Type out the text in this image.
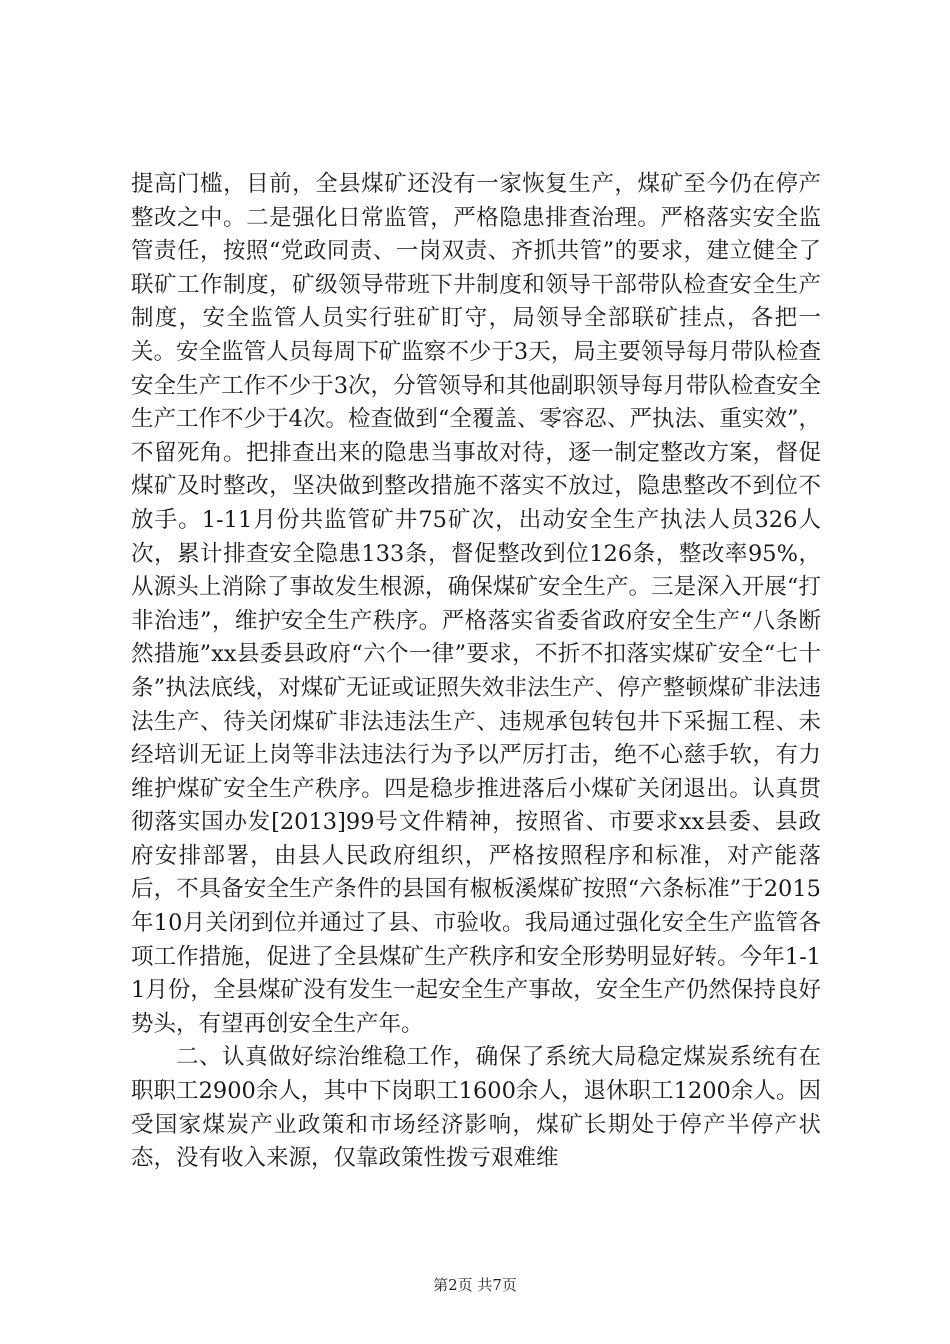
提高门槛，目前，全县煤矿还没有一家恢复生产，煤矿至今仍在停产整改之中。二是强化日常监管，严格隐患排查治理。严格落实安全监管责任，按照“党政同责、一岗双责、齐抓共管”的要求，建立健全了联矿工作制度，矿级领导带班下井制度和领导干部带队检查安全生产制度，安全监管人员实行驻矿盯守，局领导全部联矿挂点，各把一关。安全监管人员每周下矿监察不少于3天，局主要领导每月带队检查安全生产工作不少于3次，分管领导和其他副职领导每月带队检查安全生产工作不少于4次。检查做到“全覆盖、零容忍、严执法、重实效”，不留死角。把排查出来的隐患当事故对待，逐一制定整改方案，督促煤矿及时整改，坚决做到整改措施不落实不放过，隐患整改不到位不放手。1-11月份共监管矿井75矿次，出动安全生产执法人员326人次，累计排查安全隐患133条，督促整改到位126条，整改率95%，从源头上消除了事故发生根源，确保煤矿安全生产。三是深入开展“打非治违”，维护安全生产秩序。严格落实省委省政府安全生产“八条断然措施”xx县委县政府“六个一律”要求，不折不扣落实煤矿安全“七十条”执法底线，对煤矿无证或证照失效非法生产、停产整顿煤矿非法违法生产、待关闭煤矿非法违法生产、违规承包转包井下采掘工程、未经培训无证上岗等非法违法行为予以严厉打击，绝不心慈手软，有力维护煤矿安全生产秩序。四是稳步推进落后小煤矿关闭退出。认真贯彻落实国办发[2013]99号文件精神，按照省、市要求xx县委、县政府安排部署，由县人民政府组织，严格按照程序和标准，对产能落后，不具备安全生产条件的县国有椒板溪煤矿按照“六条标准”于2015年10月关闭到位并通过了县、市验收。我局通过强化安全生产监管各项工作措施，促进了全县煤矿生产秩序和安全形势明显好转。今年1-11月份，全县煤矿没有发生一起安全生产事故，安全生产仍然保持良好势头，有望再创安全生产年。

二、认真做好综治维稳工作，确保了系统大局稳定煤炭系统有在职职工2900余人，其中下岗职工1600余人，退休职工1200余人。因受国家煤炭产业政策和市场经济影响，煤矿长期处于停产半停产状态，没有收入来源，仅靠政策性拨亏艰难维

第2页 共7页
